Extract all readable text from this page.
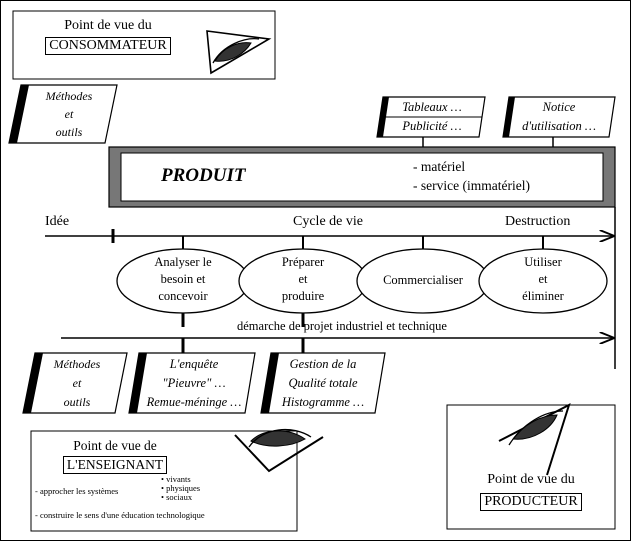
Point de vue du
CONSOMMATEUR
Méthodes
et
outils
Tableaux …
Publicité …
Notice
d'utilisation …
PRODUIT	- matériel
- service (immatériel)
Idée	Cycle de vie	Destruction
Analyser le
besoin et
concevoir
Préparer
et
produire
Commercialiser
Utiliser
et
éliminer
démarche de projet industriel et technique
Méthodes
et
outils
L'enquête
"Pieuvre" …
Remue-méninge …
Gestion de la
Qualité totale
Histogramme …
Point de vue de
L'ENSEIGNANT
• vivants
• physiques
• sociaux
- approcher les systèmes
- construire le sens d'une éducation technologique
Point de vue du
PRODUCTEUR
